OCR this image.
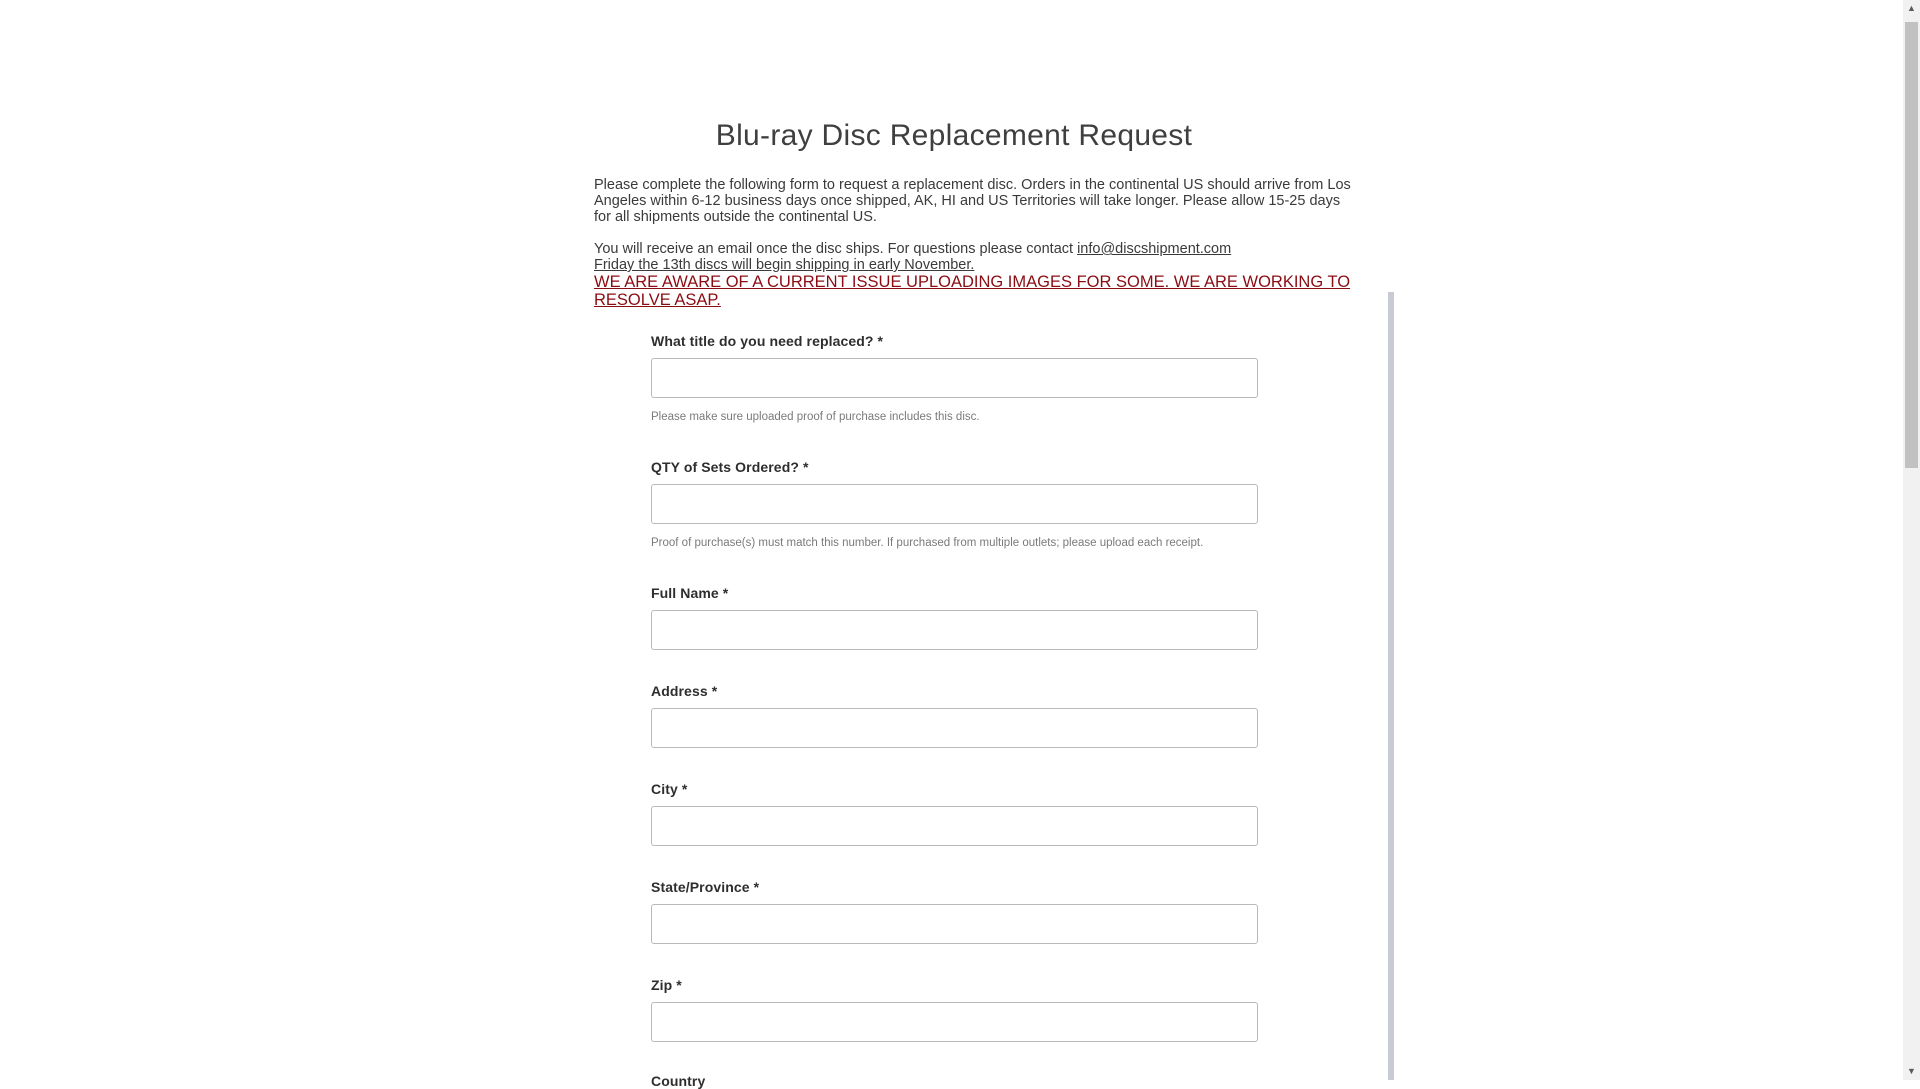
Blu-ray Disc Replacement Request

Please complete the following form to request a replacement disc. Orders in the continental US should arrive from Los Angeles within 6-12 business days once shipped, AK, HI and US Territories will take longer. Please allow 15-25 days for all shipments outside the continental US.

You will receive an email once the disc ships. For questions please contact info@discshipment.com

Friday the 13th discs will begin shipping in early November.

WE ARE AWARE OF A CURRENT ISSUE UPLOADING IMAGES FOR SOME. WE ARE WORKING TO RESOLVE ASAP.
What title do you need replaced? *
Please make sure uploaded proof of purchase includes this disc.
QTY of Sets Ordered? *
Proof of purchase(s) must match this number. If purchased from multiple outlets; please upload each receipt.
Full Name *
Address *
City *
State/Province *
Zip *
Country
▲
▼
